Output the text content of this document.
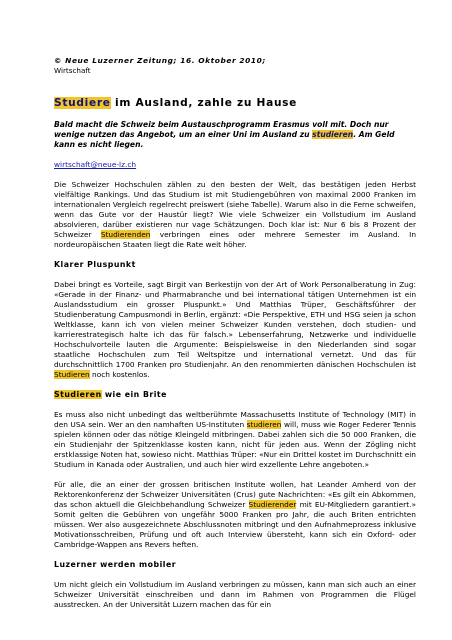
© Neue Luzerner Zeitung; 16. Oktober 2010;

Wirtschaft

Studiere im Ausland, zahle zu Hause

Bald macht die Schweiz beim Austauschprogramm Erasmus voll mit. Doch nur wenige nutzen das Angebot, um an einer Uni im Ausland zu studieren. Am Geld kann es nicht liegen.

wirtschaft@neue-lz.ch

Die Schweizer Hochschulen zählen zu den besten der Welt, das bestätigen jeden Herbst vielfältige Rankings. Und das Studium ist mit Studiengebühren von maximal 2000 Franken im internationalen Vergleich regelrecht preiswert (siehe Tabelle). Warum also in die Ferne schweifen, wenn das Gute vor der Haustür liegt? Wie viele Schweizer ein Vollstudium im Ausland absolvieren, darüber existieren nur vage Schätzungen. Doch klar ist: Nur 6 bis 8 Prozent der Schweizer Studierenden verbringen eines oder mehrere Semester im Ausland. In nordeuropäischen Staaten liegt die Rate weit höher.

Klarer Pluspunkt

Dabei bringt es Vorteile, sagt Birgit van Berkestijn von der Art of Work Personalberatung in Zug: «Gerade in der Finanz- und Pharmabranche und bei international tätigen Unternehmen ist ein Auslandsstudium ein grosser Pluspunkt.» Und Matthias Trüper, Geschäftsführer der Studienberatung Campusmondi in Berlin, ergänzt: «Die Perspektive, ETH und HSG seien ja schon Weltklasse, kann ich von vielen meiner Schweizer Kunden verstehen, doch studien- und karrierestrategisch halte ich das für falsch.» Lebenserfahrung, Netzwerke und individuelle Hochschulvorteile lauten die Argumente: Beispielsweise in den Niederlanden sind sogar staatliche Hochschulen zum Teil Weltspitze und international vernetzt. Und das für durchschnittlich 1700 Franken pro Studienjahr. An den renommierten dänischen Hochschulen ist Studieren noch kostenlos.

Studieren wie ein Brite

Es muss also nicht unbedingt das weltberühmte Massachusetts Institute of Technology (MIT) in den USA sein. Wer an den namhaften US-Instituten studieren will, muss wie Roger Federer Tennis spielen können oder das nötige Kleingeld mitbringen. Dabei zahlen sich die 50 000 Franken, die ein Studienjahr der Spitzenklasse kosten kann, nicht für jeden aus. Wenn der Zögling nicht erstklassige Noten hat, sowieso nicht. Matthias Trüper: «Nur ein Drittel kostet im Durchschnitt ein Studium in Kanada oder Australien, und auch hier wird exzellente Lehre angeboten.»

Für alle, die an einer der grossen britischen Institute wollen, hat Leander Amherd von der Rektorenkonferenz der Schweizer Universitäten (Crus) gute Nachrichten: «Es gilt ein Abkommen, das schon aktuell die Gleichbehandlung Schweizer Studierender mit EU-Mitgliedern garantiert.» Somit gelten die Gebühren von ungefähr 5000 Franken pro Jahr, die auch Briten entrichten müssen. Wer also ausgezeichnete Abschlussnoten mitbringt und den Aufnahmeprozess inklusive Motivationsschreiben, Prüfung und oft auch Interview übersteht, kann sich ein Oxford- oder Cambridge-Wappen ans Revers heften.

Luzerner werden mobiler

Um nicht gleich ein Vollstudium im Ausland verbringen zu müssen, kann man sich auch an einer Schweizer Universität einschreiben und dann im Rahmen von Programmen die Flügel ausstrecken. An der Universität Luzern machen das für ein
